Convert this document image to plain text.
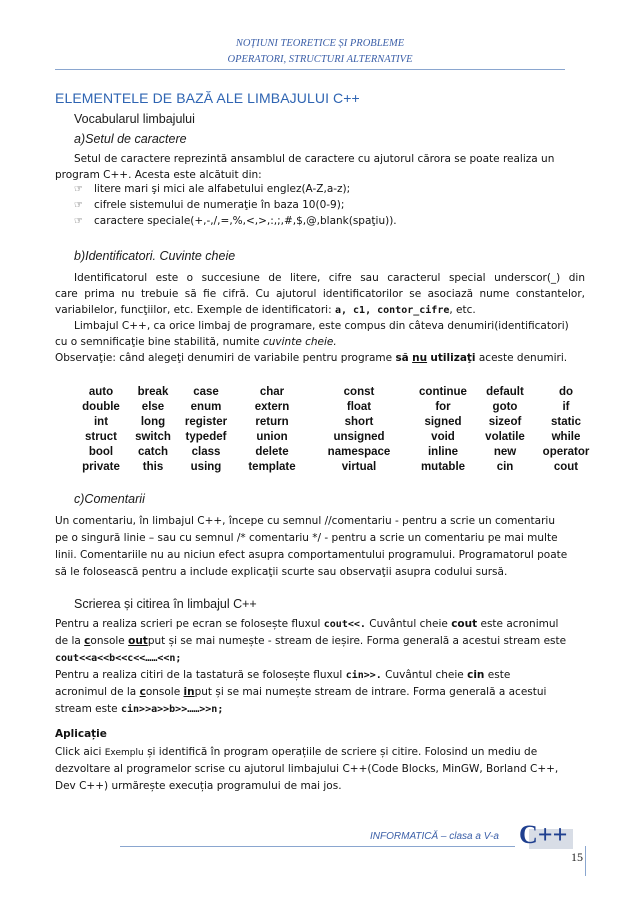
NOȚIUNI TEORETICE ȘI PROBLEME
OPERATORI, STRUCTURI ALTERNATIVE
ELEMENTELE DE BAZĂ ALE LIMBAJULUI C++
Vocabularul limbajului
a)Setul de caractere
Setul de caractere reprezintă ansamblul de caractere cu ajutorul cărora se poate realiza un
program C++. Acesta este alcătuit din:
☞ litere mari şi mici ale alfabetului englez(A-Z,a-z);
☞ cifrele sistemului de numeraţie în baza 10(0-9);
☞ caractere speciale(+,-,/,=,%,<,>,:,;,#,$,@,blank(spaţiu)).
b)Identificatori. Cuvinte cheie
Identificatorul este o succesiune de litere, cifre sau caracterul special underscor(_) din
care prima nu trebuie să fie cifră. Cu ajutorul identificatorilor se asociază nume constantelor,
variabilelor, funcţiilor, etc. Exemple de identificatori: a, c1, contor_cifre, etc.
Limbajul C++, ca orice limbaj de programare, este compus din câteva denumiri(identificatori)
cu o semnificaţie bine stabilită, numite cuvinte cheie.
Observaţie: când alegeţi denumiri de variabile pentru programe să nu utilizaţi aceste denumiri.
auto	break	case	char	const	continue	default	do
double	else	enum	extern	float	for	goto	if
int	long	register	return	short	signed	sizeof	static
struct	switch	typedef	union	unsigned	void	volatile	while
bool	catch	class	delete	namespace	inline	new	operator
private	this	using	template	virtual	mutable	cin	cout
c)Comentarii
Un comentariu, în limbajul C++, începe cu semnul //comentariu - pentru a scrie un comentariu
pe o singură linie – sau cu semnul /* comentariu */ - pentru a scrie un comentariu pe mai multe
linii. Comentariile nu au niciun efect asupra comportamentului programului. Programatorul poate
să le folosească pentru a include explicaţii scurte sau observaţii asupra codului sursă.
Scrierea și citirea în limbajul C++
Pentru a realiza scrieri pe ecran se folosește fluxul cout<<. Cuvântul cheie cout este acronimul
de la console output și se mai numește - stream de ieșire. Forma generală a acestui stream este
cout<<a<<b<<c<<……<<n;
Pentru a realiza citiri de la tastatură se folosește fluxul cin>>. Cuvântul cheie cin este
acronimul de la console input și se mai numește stream de intrare. Forma generală a acestui
stream este cin>>a>>b>>……>>n;
Aplicație
Click aici Exemplu și identifică în program operațiile de scriere și citire. Folosind un mediu de
dezvoltare al programelor scrise cu ajutorul limbajului C++(Code Blocks, MinGW, Borland C++,
Dev C++) urmărește execuția programului de mai jos.
INFORMATICĂ – clasa a V-a C++
15
